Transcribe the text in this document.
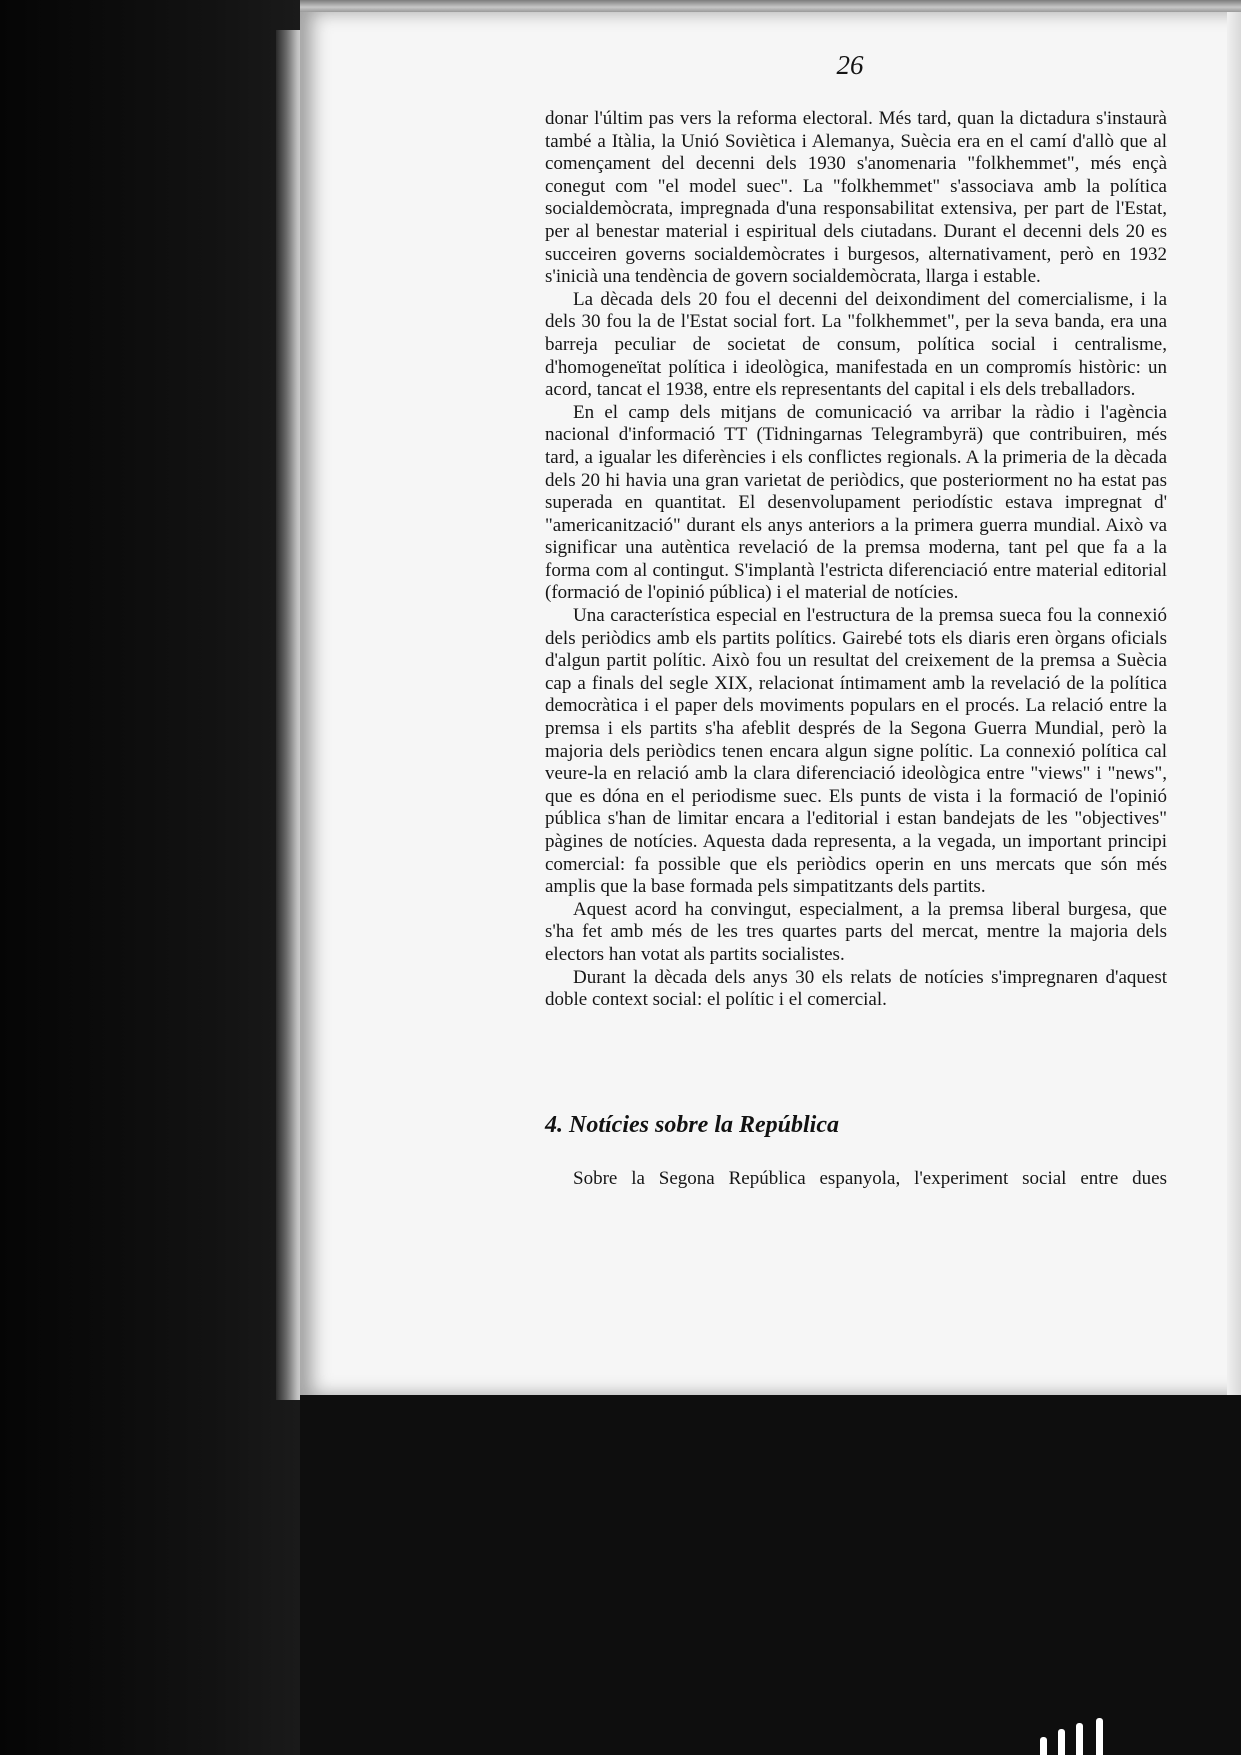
26

donar l'últim pas vers la reforma electoral. Més tard, quan la dictadura s'instaurà també a Itàlia, la Unió Soviètica i Alemanya, Suècia era en el camí d'allò que al començament del decenni dels 1930 s'anomenaria "folkhemmet", més ençà conegut com "el model suec". La "folkhemmet" s'associava amb la política socialdemòcrata, impregnada d'una responsabilitat extensiva, per part de l'Estat, per al benestar material i espiritual dels ciutadans. Durant el decenni dels 20 es succeiren governs socialdemòcrates i burgesos, alternativament, però en 1932 s'inicià una tendència de govern socialdemòcrata, llarga i estable.

La dècada dels 20 fou el decenni del deixondiment del comercialisme, i la dels 30 fou la de l'Estat social fort. La "folkhemmet", per la seva banda, era una barreja peculiar de societat de consum, política social i centralisme, d'homogeneïtat política i ideològica, manifestada en un compromís històric: un acord, tancat el 1938, entre els representants del capital i els dels treballadors.

En el camp dels mitjans de comunicació va arribar la ràdio i l'agència nacional d'informació TT (Tidningarnas Telegrambyrä) que contribuiren, més tard, a igualar les diferències i els conflictes regionals. A la primeria de la dècada dels 20 hi havia una gran varietat de periòdics, que posteriorment no ha estat pas superada en quantitat. El desenvolupament periodístic estava impregnat d' "americanització" durant els anys anteriors a la primera guerra mundial. Això va significar una autèntica revelació de la premsa moderna, tant pel que fa a la forma com al contingut. S'implantà l'estricta diferenciació entre material editorial (formació de l'opinió pública) i el material de notícies.

Una característica especial en l'estructura de la premsa sueca fou la connexió dels periòdics amb els partits polítics. Gairebé tots els diaris eren òrgans oficials d'algun partit polític. Això fou un resultat del creixement de la premsa a Suècia cap a finals del segle XIX, relacionat íntimament amb la revelació de la política democràtica i el paper dels moviments populars en el procés. La relació entre la premsa i els partits s'ha afeblit després de la Segona Guerra Mundial, però la majoria dels periòdics tenen encara algun signe polític. La connexió política cal veure-la en relació amb la clara diferenciació ideològica entre "views" i "news", que es dóna en el periodisme suec. Els punts de vista i la formació de l'opinió pública s'han de limitar encara a l'editorial i estan bandejats de les "objectives" pàgines de notícies. Aquesta dada representa, a la vegada, un important principi comercial: fa possible que els periòdics operin en uns mercats que són més amplis que la base formada pels simpatitzants dels partits.

Aquest acord ha convingut, especialment, a la premsa liberal burgesa, que s'ha fet amb més de les tres quartes parts del mercat, mentre la majoria dels electors han votat als partits socialistes.

Durant la dècada dels anys 30 els relats de notícies s'impregnaren d'aquest doble context social: el polític i el comercial.

4. Notícies sobre la República

Sobre la Segona República espanyola, l'experiment social entre dues
